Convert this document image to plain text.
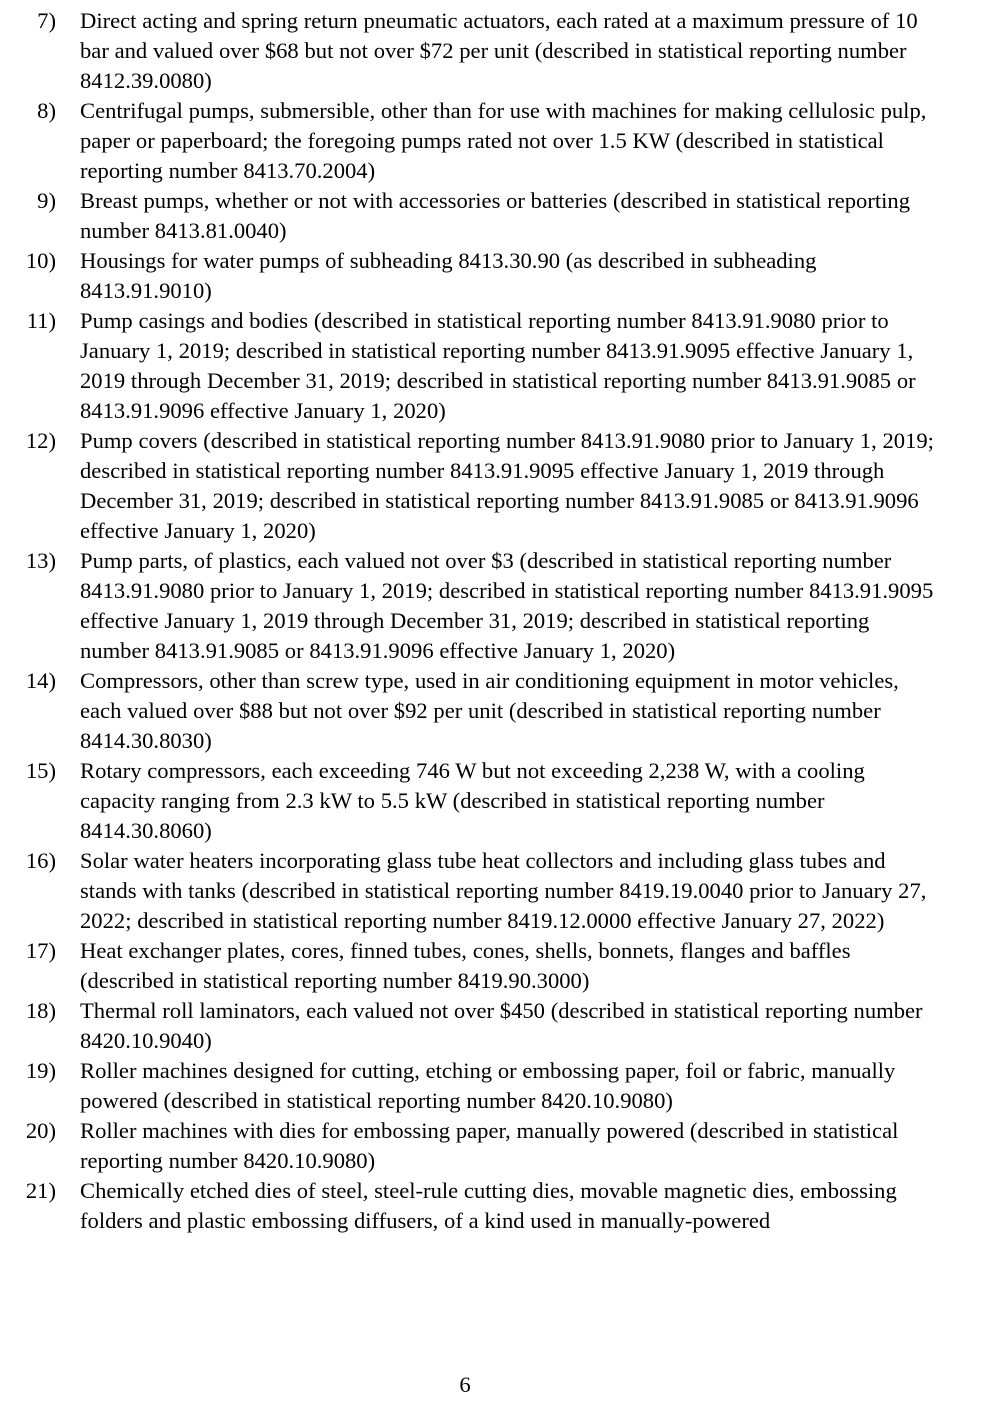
7) Direct acting and spring return pneumatic actuators, each rated at a maximum pressure of 10 bar and valued over $68 but not over $72 per unit (described in statistical reporting number 8412.39.0080)
8) Centrifugal pumps, submersible, other than for use with machines for making cellulosic pulp, paper or paperboard; the foregoing pumps rated not over 1.5 KW (described in statistical reporting number 8413.70.2004)
9) Breast pumps, whether or not with accessories or batteries (described in statistical reporting number 8413.81.0040)
10) Housings for water pumps of subheading 8413.30.90 (as described in subheading 8413.91.9010)
11) Pump casings and bodies (described in statistical reporting number 8413.91.9080 prior to January 1, 2019; described in statistical reporting number 8413.91.9095 effective January 1, 2019 through December 31, 2019; described in statistical reporting number 8413.91.9085 or 8413.91.9096 effective January 1, 2020)
12) Pump covers (described in statistical reporting number 8413.91.9080 prior to January 1, 2019; described in statistical reporting number 8413.91.9095 effective January 1, 2019 through December 31, 2019; described in statistical reporting number 8413.91.9085 or 8413.91.9096 effective January 1, 2020)
13) Pump parts, of plastics, each valued not over $3 (described in statistical reporting number 8413.91.9080 prior to January 1, 2019; described in statistical reporting number 8413.91.9095 effective January 1, 2019 through December 31, 2019; described in statistical reporting number 8413.91.9085 or 8413.91.9096 effective January 1, 2020)
14) Compressors, other than screw type, used in air conditioning equipment in motor vehicles, each valued over $88 but not over $92 per unit (described in statistical reporting number 8414.30.8030)
15) Rotary compressors, each exceeding 746 W but not exceeding 2,238 W, with a cooling capacity ranging from 2.3 kW to 5.5 kW (described in statistical reporting number 8414.30.8060)
16) Solar water heaters incorporating glass tube heat collectors and including glass tubes and stands with tanks (described in statistical reporting number 8419.19.0040 prior to January 27, 2022; described in statistical reporting number 8419.12.0000 effective January 27, 2022)
17) Heat exchanger plates, cores, finned tubes, cones, shells, bonnets, flanges and baffles (described in statistical reporting number 8419.90.3000)
18) Thermal roll laminators, each valued not over $450 (described in statistical reporting number 8420.10.9040)
19) Roller machines designed for cutting, etching or embossing paper, foil or fabric, manually powered (described in statistical reporting number 8420.10.9080)
20) Roller machines with dies for embossing paper, manually powered (described in statistical reporting number 8420.10.9080)
21) Chemically etched dies of steel, steel-rule cutting dies, movable magnetic dies, embossing folders and plastic embossing diffusers, of a kind used in manually-powered
6
